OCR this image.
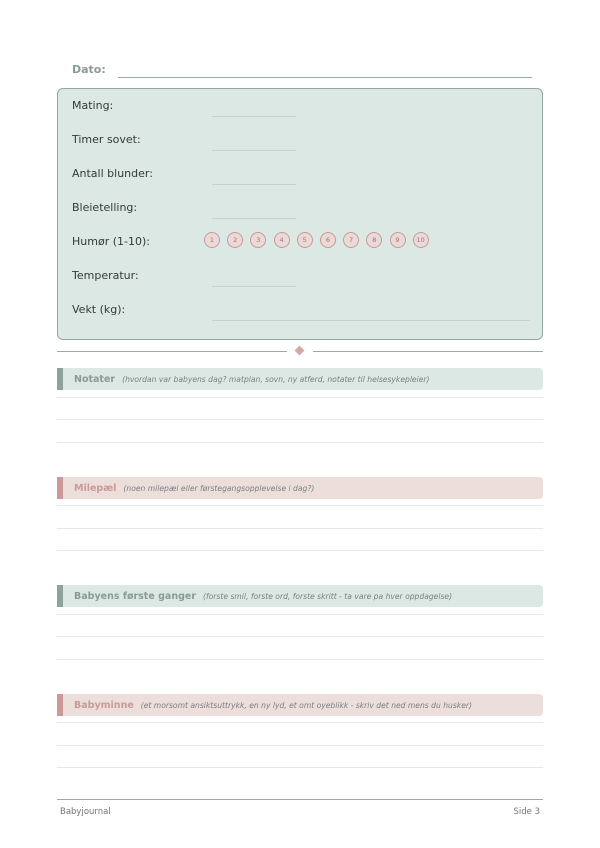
Dato:
Mating:
Timer sovet:
Antall blunder:
Bleietelling:
Humør (1-10):	1	2	3	4	5	6	7	8	9	10
Temperatur:
Vekt (kg):
Notater (hvordan var babyens dag? matplan, sovn, ny atferd, notater til helsesykepleier)
Milepæl (noen milepæl eller førstegangsopplevelse i dag?)
Babyens første ganger (forste smil, forste ord, forste skritt - ta vare pa hver oppdagelse)
Babyminne (et morsomt ansiktsuttrykk, en ny lyd, et omt oyeblikk - skriv det ned mens du husker)
Babyjournal	Side 3
